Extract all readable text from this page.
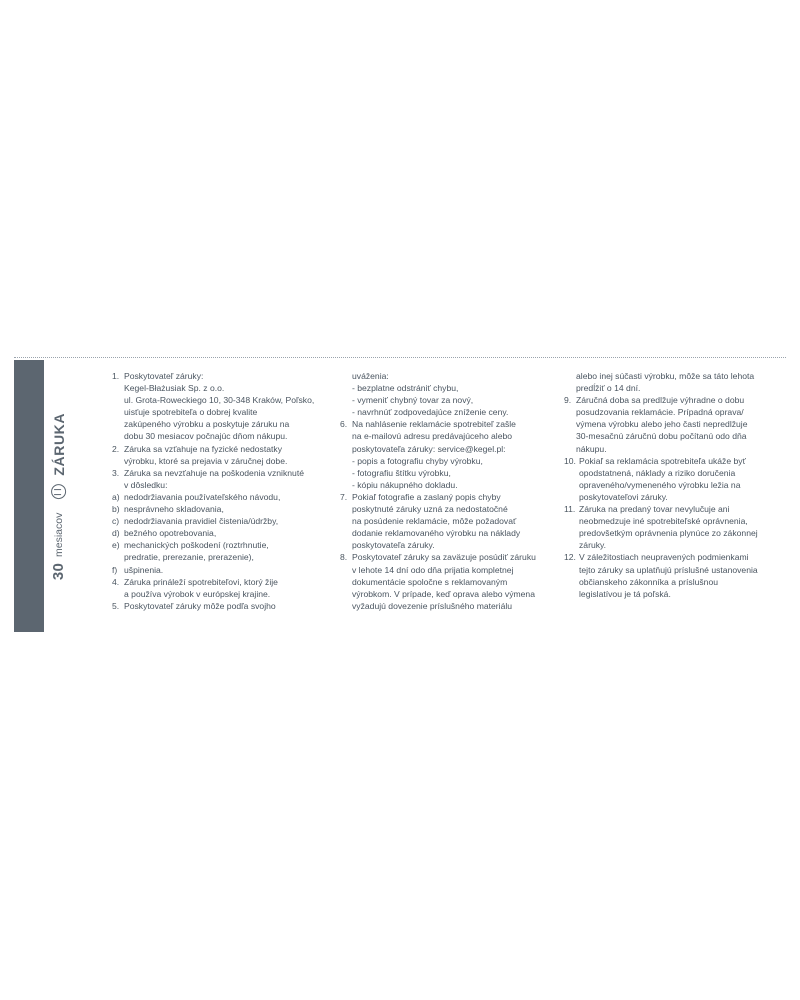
30
mesiacov
ZÁRUKA
1. Poskytovateľ záruky:
Kegel-Błażusiak Sp. z o.o.
ul. Grota-Roweckiego 10, 30-348 Kraków, Poľsko,
uisťuje spotrebiteľa o dobrej kvalite
zakúpeného výrobku a poskytuje záruku na
dobu 30 mesiacov počnajúc dňom nákupu.
2. Záruka sa vzťahuje na fyzické nedostatky
výrobku, ktoré sa prejavia v záručnej dobe.
3. Záruka sa nevzťahuje na poškodenia vzniknuté
v dôsledku:
a) nedodržiavania používateľského návodu,
b) nesprávneho skladovania,
c) nedodržiavania pravidiel čistenia/údržby,
d) bežného opotrebovania,
e) mechanických poškodení (roztrhnutie,
predratie, prerezanie, prerazenie),
f) ušpinenia.
4. Záruka prináleží spotrebiteľovi, ktorý žije
a používa výrobok v európskej krajine.
5. Poskytovateľ záruky môže podľa svojho
uváženia:
- bezplatne odstrániť chybu,
- vymeniť chybný tovar za nový,
- navrhnúť zodpovedajúce zníženie ceny.
6. Na nahlásenie reklamácie spotrebiteľ zašle
na e-mailovú adresu predávajúceho alebo
poskytovateľa záruky: service@kegel.pl:
- popis a fotografiu chyby výrobku,
- fotografiu štítku výrobku,
- kópiu nákupného dokladu.
7. Pokiaľ fotografie a zaslaný popis chyby
poskytnuté záruky uzná za nedostatočné
na posúdenie reklamácie, môže požadovať
dodanie reklamovaného výrobku na náklady
poskytovateľa záruky.
8. Poskytovateľ záruky sa zaväzuje posúdiť záruku
v lehote 14 dní odo dňa prijatia kompletnej
dokumentácie spoločne s reklamovaným
výrobkom. V prípade, keď oprava alebo výmena
vyžadujú dovezenie príslušného materiálu
alebo inej súčasti výrobku, môže sa táto lehota
predĺžiť o 14 dní.
9. Záručná doba sa predlžuje výhradne o dobu
posudzovania reklamácie. Prípadná oprava/
výmena výrobku alebo jeho časti nepredlžuje
30-mesačnú záručnú dobu počítanú odo dňa
nákupu.
10. Pokiaľ sa reklamácia spotrebiteľa ukáže byť
opodstatnená, náklady a riziko doručenia
opraveného/vymeneného výrobku ležia na
poskytovateľovi záruky.
11. Záruka na predaný tovar nevylučuje ani
neobmedzuje iné spotrebiteľské oprávnenia,
predovšetkým oprávnenia plynúce zo zákonnej
záruky.
12. V záležitostiach neupravených podmienkami
tejto záruky sa uplatňujú príslušné ustanovenia
občianskeho zákonníka a príslušnou
legislatívou je tá poľská.
